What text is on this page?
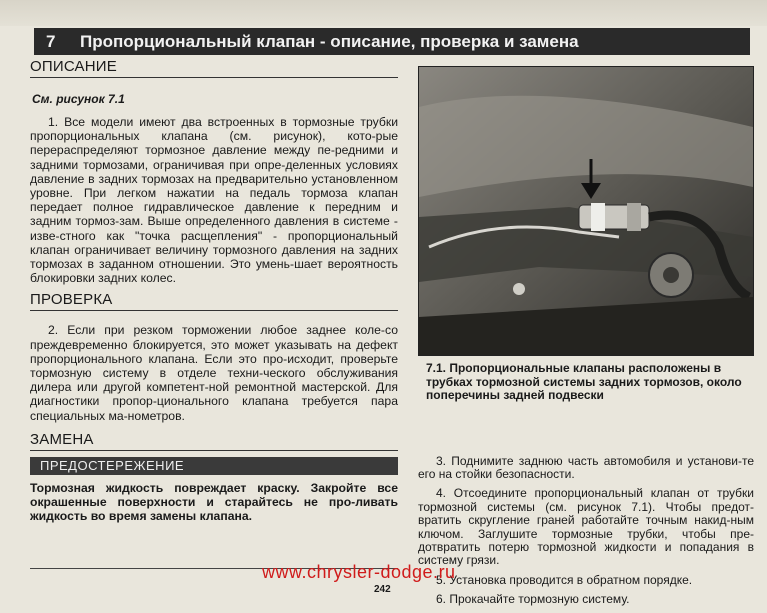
7 Пропорциональный клапан - описание, проверка и замена
ОПИСАНИЕ
См. рисунок 7.1

1. Все модели имеют два встроенных в тормозные трубки пропорциональных клапана (см. рисунок), кото-рые перераспределяют тормозное давление между пе-редними и задними тормозами, ограничивая при опре-деленных условиях давление в задних тормозах на предварительно установленном уровне. При легком нажатии на педаль тормоза клапан передает полное гидравлическое давление к передним и задним тормоз-зам. Выше определенного давления в системе - изве-стного как "точка расщепления" - пропорциональный клапан ограничивает величину тормозного давления на задних тормозах в заданном отношении. Это умень-шает вероятность блокировки задних колес.

ПРОВЕРКА

2. Если при резком торможении любое заднее коле-со преждевременно блокируется, это может указывать на дефект пропорционального клапана. Если это про-исходит, проверьте тормозную систему в отделе техни-ческого обслуживания дилера или другой компетент-ной ремонтной мастерской. Для диагностики пропор-ционального клапана требуется пара специальных ма-нометров.

ЗАМЕНА
ПРЕДОСТЕРЕЖЕНИЕ

Тормозная жидкость повреждает краску. Закройте все окрашенные поверхности и старайтесь не про-ливать жидкость во время замены клапана.

7.1. Пропорциональные клапаны расположены в трубках тормозной системы задних тормозов, около поперечины задней подвески

3. Поднимите заднюю часть автомобиля и установи-те его на стойки безопасности.

4. Отсоедините пропорциональный клапан от трубки тормозной системы (см. рисунок 7.1). Чтобы предот-вратить скругление граней работайте точным накид-ным ключом. Заглушите тормозные трубки, чтобы пре-дотвратить потерю тормозной жидкости и попадания в систему грязи.

5. Установка проводится в обратном порядке.

6. Прокачайте тормозную систему.

www.chrysler-dodge.ru
242
